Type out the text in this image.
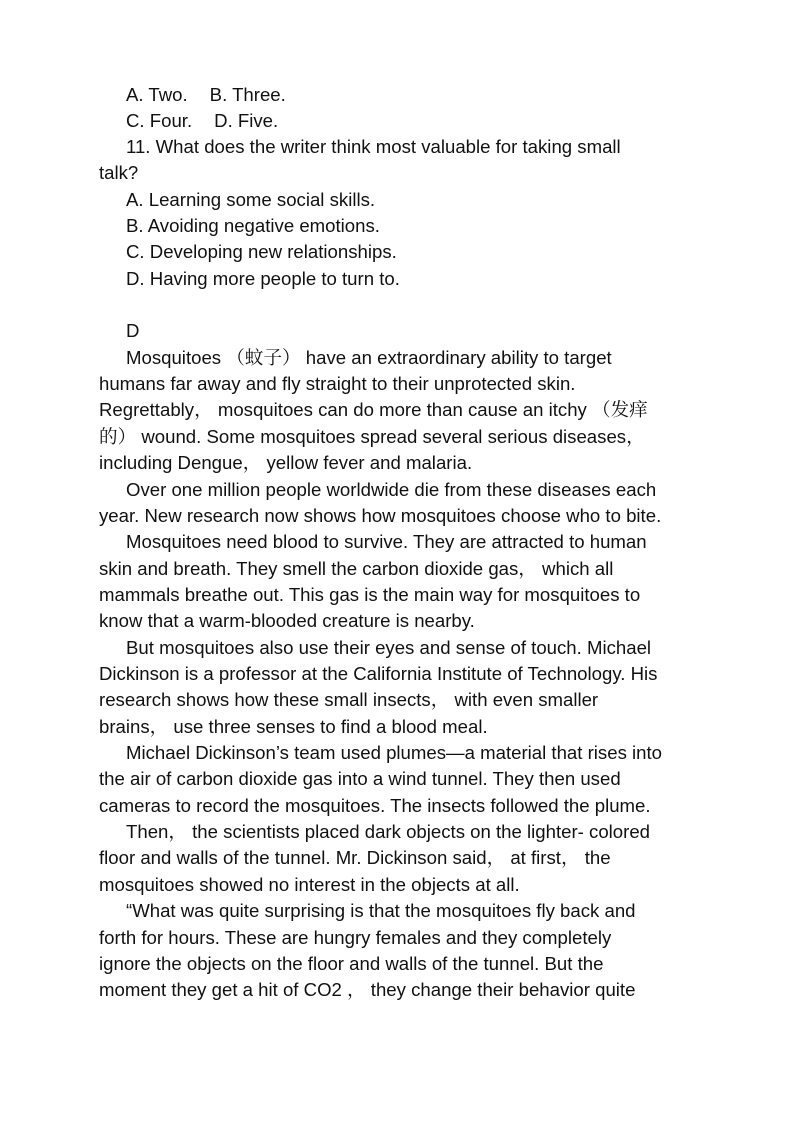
A. Two. B. Three.
C. Four. D. Five.
11. What does the writer think most valuable for taking small
talk?
A. Learning some social skills.
B. Avoiding negative emotions.
C. Developing new relationships.
D. Having more people to turn to.
D
Mosquitoes （蚊子） have an extraordinary ability to target
humans far away and fly straight to their unprotected skin.
Regrettably， mosquitoes can do more than cause an itchy （发痒
的） wound. Some mosquitoes spread several serious diseases，
including Dengue， yellow fever and malaria.
Over one million people worldwide die from these diseases each
year. New research now shows how mosquitoes choose who to bite.
Mosquitoes need blood to survive. They are attracted to human
skin and breath. They smell the carbon dioxide gas， which all
mammals breathe out. This gas is the main way for mosquitoes to
know that a warm-blooded creature is nearby.
But mosquitoes also use their eyes and sense of touch. Michael
Dickinson is a professor at the California Institute of Technology. His
research shows how these small insects， with even smaller
brains， use three senses to find a blood meal.
Michael Dickinson’s team used plumes—a material that rises into
the air of carbon dioxide gas into a wind tunnel. They then used
cameras to record the mosquitoes. The insects followed the plume.
Then， the scientists placed dark objects on the lighter- colored
floor and walls of the tunnel. Mr. Dickinson said， at first， the
mosquitoes showed no interest in the objects at all.
“What was quite surprising is that the mosquitoes fly back and
forth for hours. These are hungry females and they completely
ignore the objects on the floor and walls of the tunnel. But the
moment they get a hit of CO2 ， they change their behavior quite
